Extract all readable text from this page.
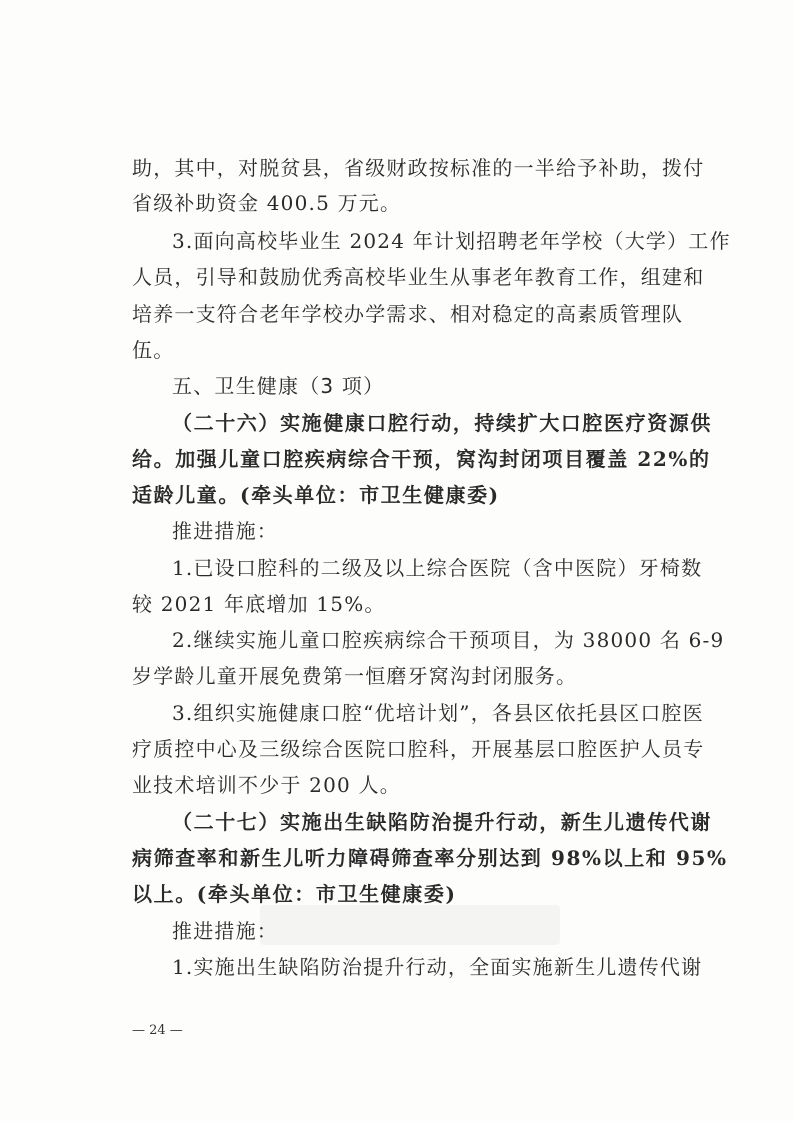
助，其中，对脱贫县，省级财政按标准的一半给予补助，拨付
省级补助资金 400.5 万元。
3.面向高校毕业生 2024 年计划招聘老年学校（大学）工作
人员，引导和鼓励优秀高校毕业生从事老年教育工作，组建和
培养一支符合老年学校办学需求、相对稳定的高素质管理队
伍。
五、卫生健康（3 项）
（二十六）实施健康口腔行动，持续扩大口腔医疗资源供
给。加强儿童口腔疾病综合干预，窝沟封闭项目覆盖 22%的
适龄儿童。(牵头单位：市卫生健康委)
推进措施：
1.已设口腔科的二级及以上综合医院（含中医院）牙椅数
较 2021 年底增加 15%。
2.继续实施儿童口腔疾病综合干预项目，为 38000 名 6-9
岁学龄儿童开展免费第一恒磨牙窝沟封闭服务。
3.组织实施健康口腔“优培计划”，各县区依托县区口腔医
疗质控中心及三级综合医院口腔科，开展基层口腔医护人员专
业技术培训不少于 200 人。
（二十七）实施出生缺陷防治提升行动，新生儿遗传代谢
病筛查率和新生儿听力障碍筛查率分别达到 98%以上和 95%
以上。(牵头单位：市卫生健康委)
推进措施：
1.实施出生缺陷防治提升行动，全面实施新生儿遗传代谢
— 24 —
